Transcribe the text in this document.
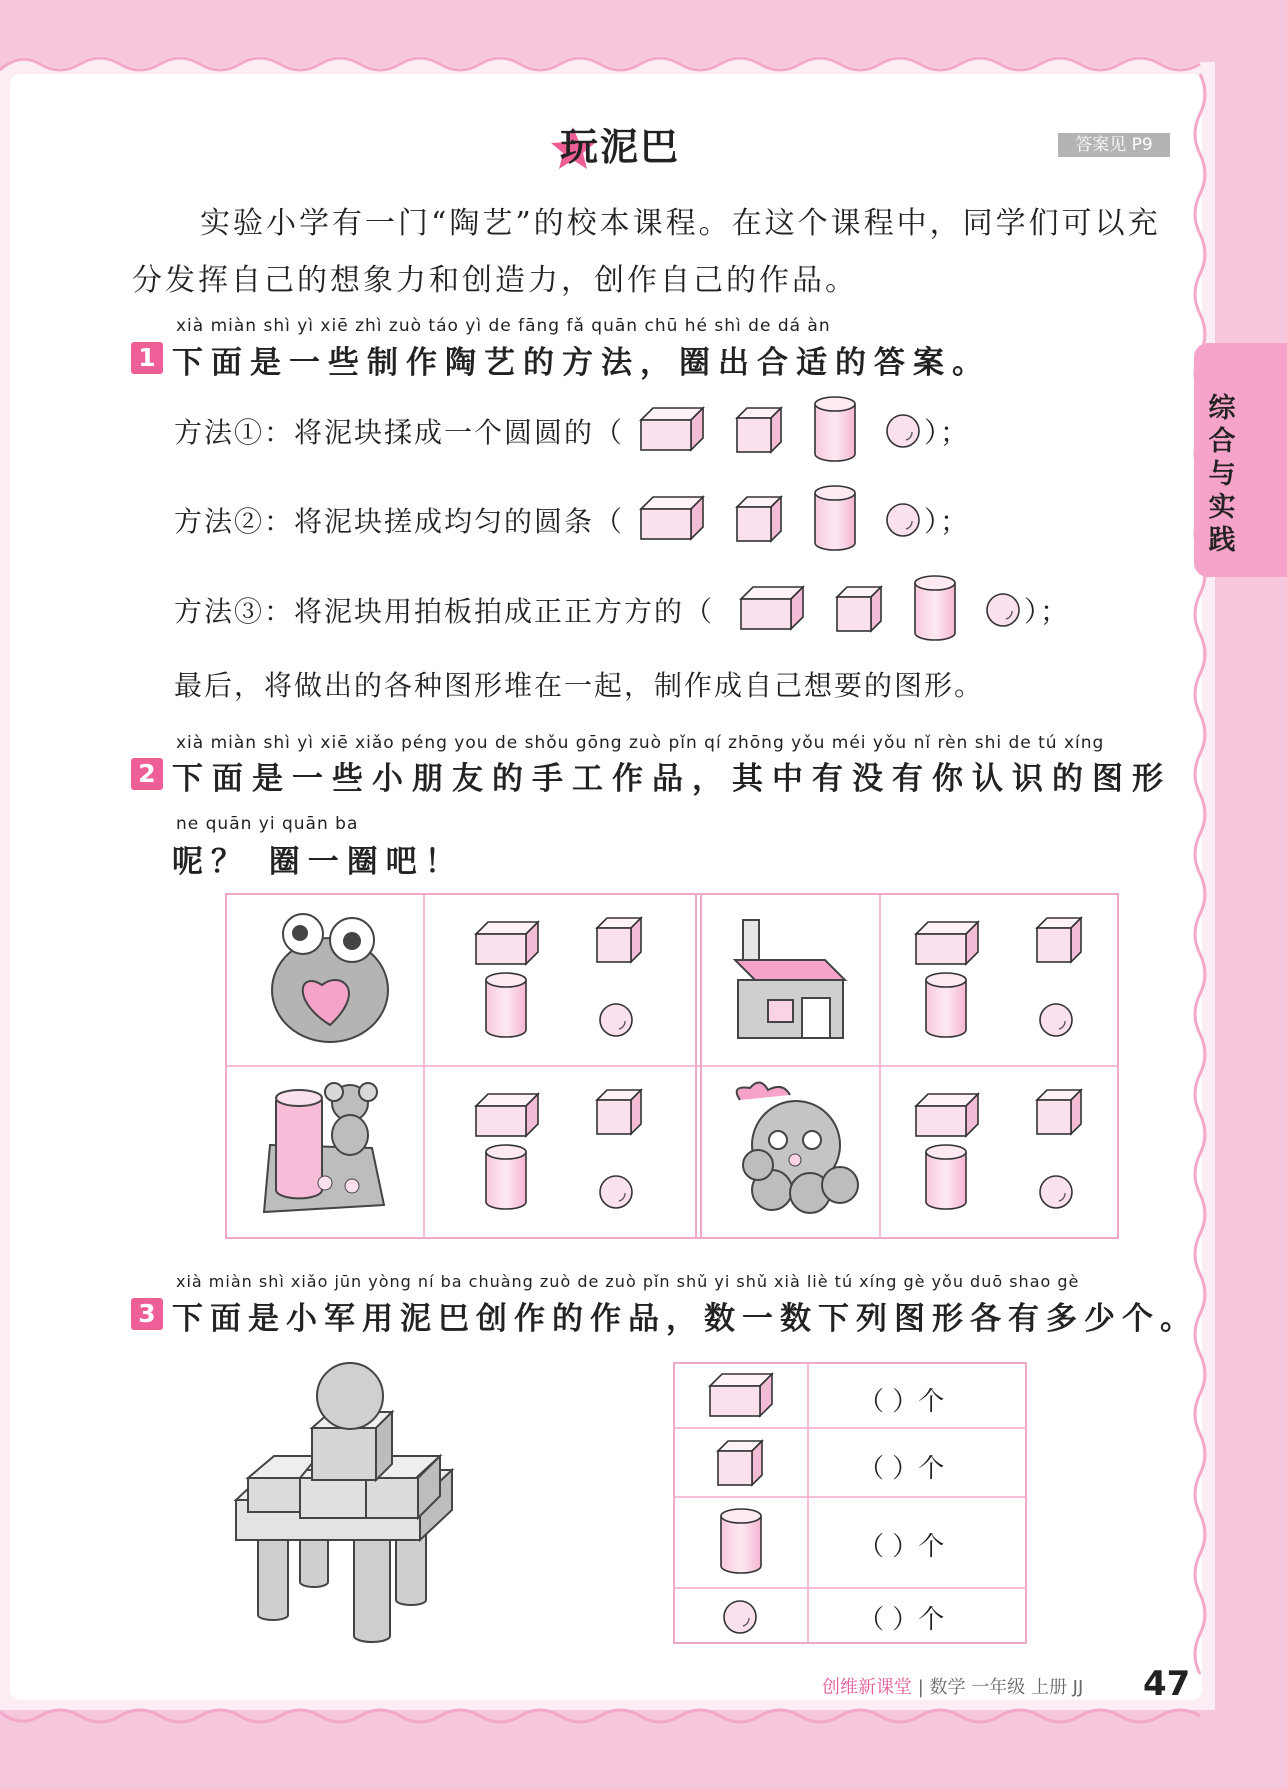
玩泥巴	答案见 P9
综合与实践
实验小学有一门“陶艺”的校本课程。在这个课程中，同学们可以充
分发挥自己的想象力和创造力，创作自己的作品。
xià miàn shì yì xiē zhì zuò táo yì de fāng fǎ quān chū hé shì de dá àn
1 下面是一些制作陶艺的方法，圈出合适的答案。
方法①：将泥块揉成一个圆圆的（	）；
方法②：将泥块搓成均匀的圆条（	）；
方法③：将泥块用拍板拍成正正方方的（	）；
最后，将做出的各种图形堆在一起，制作成自己想要的图形。
xià miàn shì yì xiē xiǎo péng you de shǒu gōng zuò pǐn qí zhōng yǒu méi yǒu nǐ rèn shi de tú xíng
2 下面是一些小朋友的手工作品，其中有没有你认识的图形
ne quān yi quān ba
呢？ 圈一圈吧！
xià miàn shì xiǎo jūn yòng ní ba chuàng zuò de zuò pǐn shǔ yi shǔ xià liè tú xíng gè yǒu duō shao gè
3 下面是小军用泥巴创作的作品，数一数下列图形各有多少个。
（ ）个
（ ）个
（ ）个
（ ）个
创维新课堂 | 数学 一年级 上册 JJ 47
